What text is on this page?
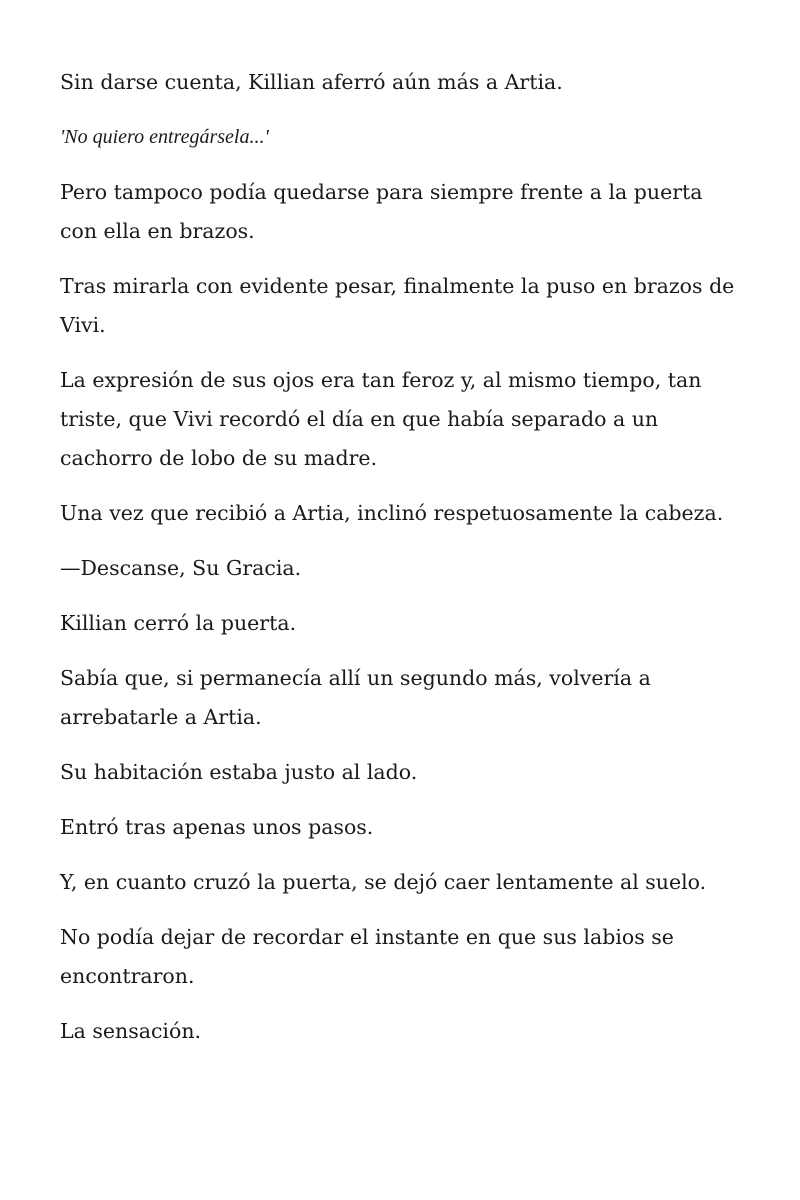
Sin darse cuenta, Killian aferró aún más a Artia.

'No quiero entregársela...'

Pero tampoco podía quedarse para siempre frente a la puerta con ella en brazos.

Tras mirarla con evidente pesar, finalmente la puso en brazos de Vivi.

La expresión de sus ojos era tan feroz y, al mismo tiempo, tan triste, que Vivi recordó el día en que había separado a un cachorro de lobo de su madre.

Una vez que recibió a Artia, inclinó respetuosamente la cabeza.

—Descanse, Su Gracia.

Killian cerró la puerta.

Sabía que, si permanecía allí un segundo más, volvería a arrebatarle a Artia.

Su habitación estaba justo al lado.

Entró tras apenas unos pasos.

Y, en cuanto cruzó la puerta, se dejó caer lentamente al suelo.

No podía dejar de recordar el instante en que sus labios se encontraron.

La sensación.
